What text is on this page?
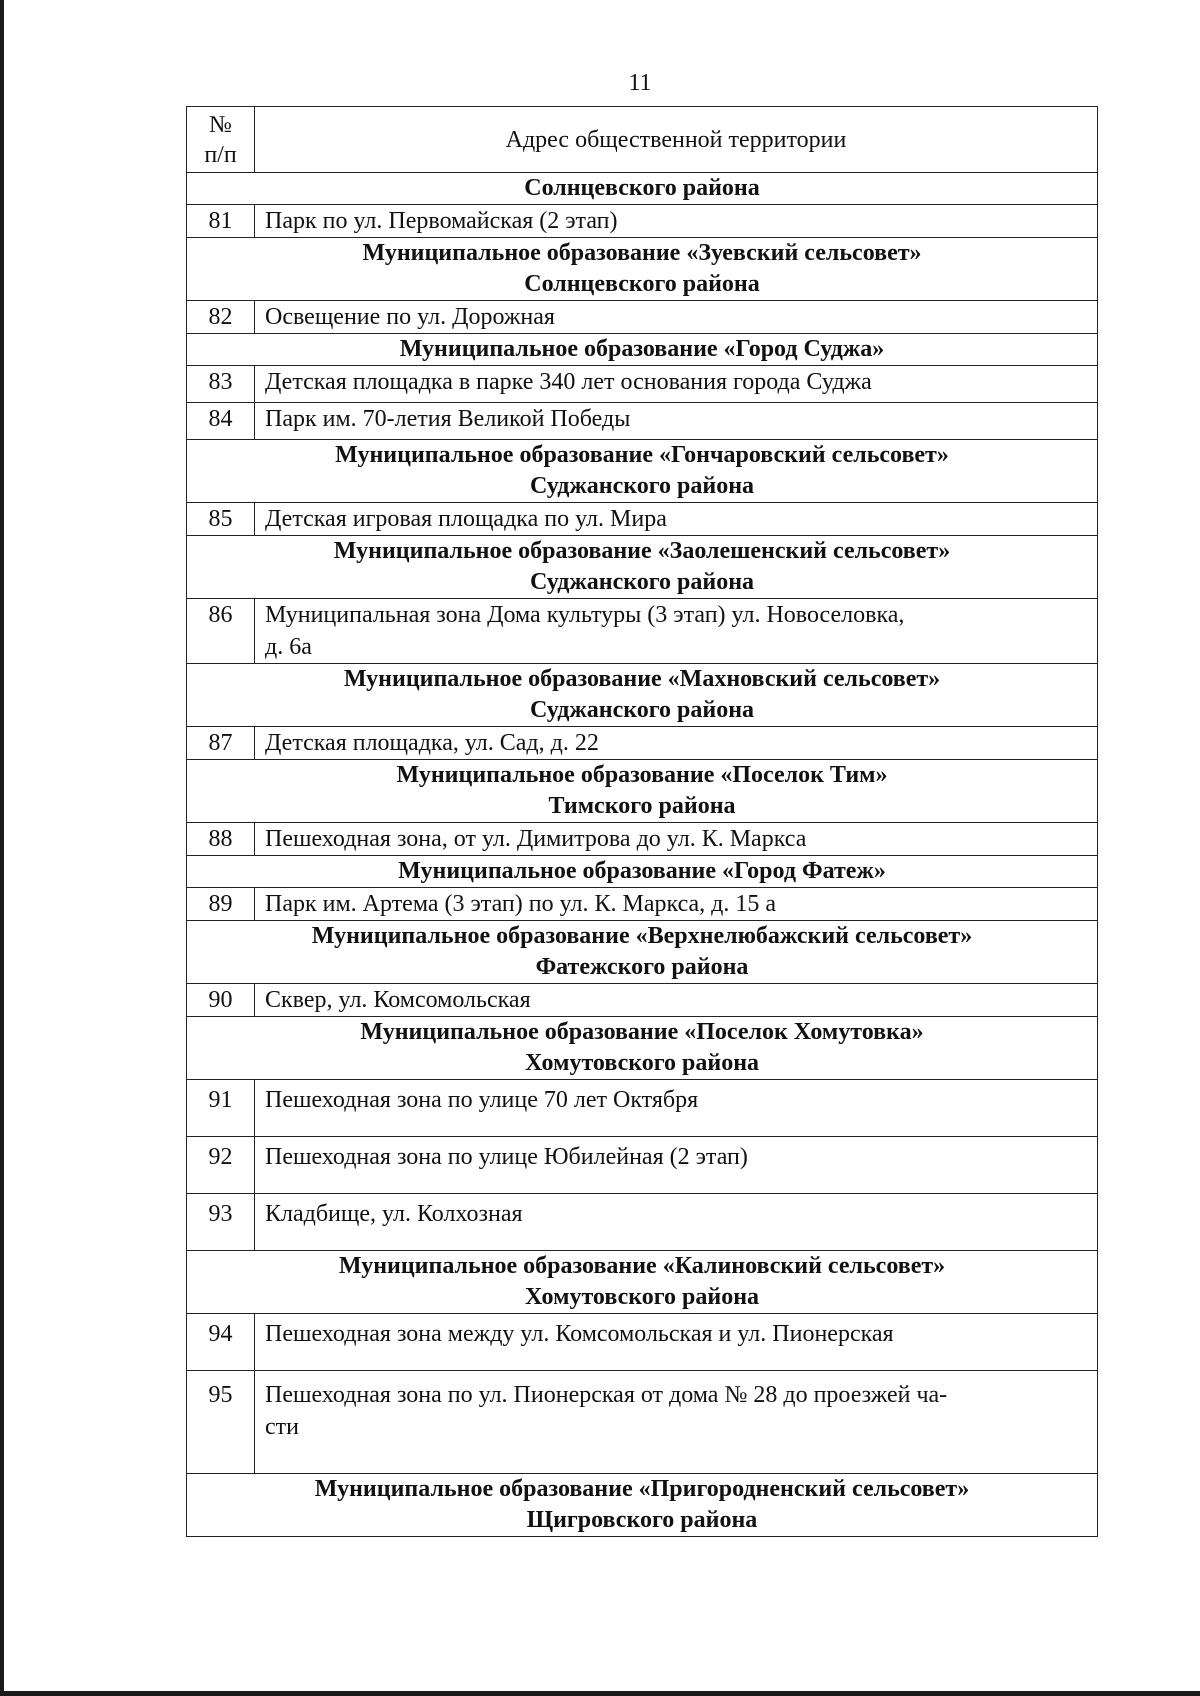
11
№
п/п	Адрес общественной территории

Солнцевского района	

81	Парк по ул. Первомайская (2 этап)

Муниципальное образование «Зуевский сельсовет»
Солнцевского района	

82	Освещение по ул. Дорожная

Муниципальное образование «Город Суджа»	

83	Детская площадка в парке 340 лет основания города Суджа

84	Парк им. 70-летия Великой Победы

Муниципальное образование «Гончаровский сельсовет»
Суджанского района	

85	Детская игровая площадка по ул. Мира

Муниципальное образование «Заолешенский сельсовет»
Суджанского района	

86	Муниципальная зона Дома культуры (3 этап) ул. Новоселовка,
д. 6а

Муниципальное образование «Махновский сельсовет»
Суджанского района	

87	Детская площадка, ул. Сад, д. 22

Муниципальное образование «Поселок Тим»
Тимского района	

88	Пешеходная зона, от ул. Димитрова до ул. К. Маркса

Муниципальное образование «Город Фатеж»	

89	Парк им. Артема (3 этап) по ул. К. Маркса, д. 15 а

Муниципальное образование «Верхнелюбажский сельсовет»
Фатежского района	

90	Сквер, ул. Комсомольская

Муниципальное образование «Поселок Хомутовка»
Хомутовского района	

91	Пешеходная зона по улице 70 лет Октября

92	Пешеходная зона по улице Юбилейная (2 этап)

93	Кладбище, ул. Колхозная

Муниципальное образование «Калиновский сельсовет»
Хомутовского района	

94	Пешеходная зона между ул. Комсомольская и ул. Пионерская

95	Пешеходная зона по ул. Пионерская от дома № 28 до проезжей ча-
сти

Муниципальное образование «Пригородненский сельсовет»
Щигровского района	
